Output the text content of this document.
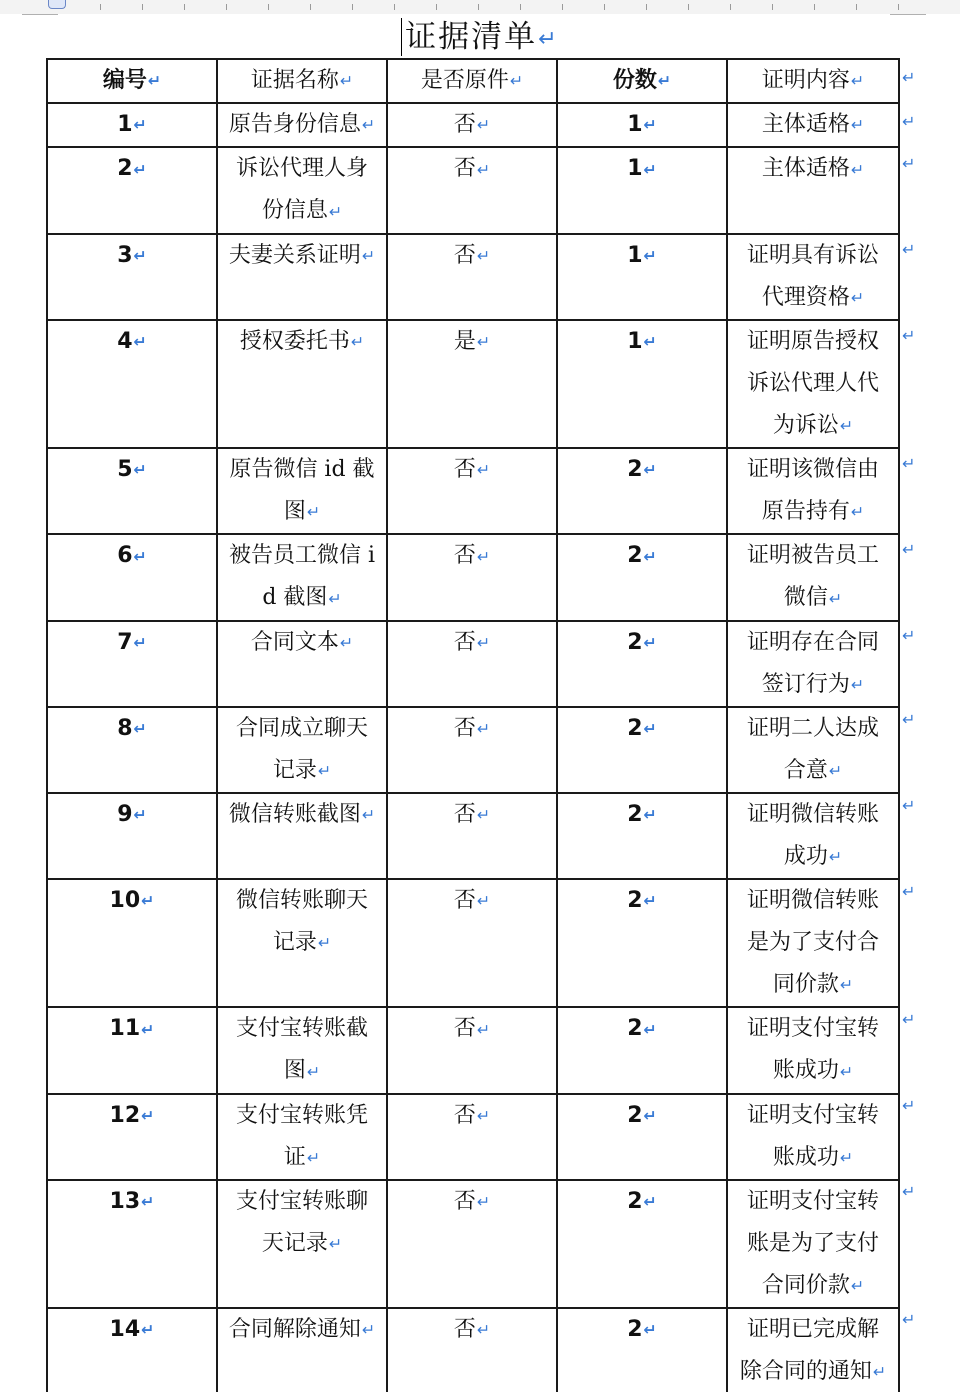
证据清单↵
编号↵	证据名称↵	是否原件↵	份数↵	证明内容↵
1↵	原告身份信息↵	否↵	1↵	主体适格↵
2↵	诉讼代理人身份信息↵	否↵	1↵	主体适格↵
3↵	夫妻关系证明↵	否↵	1↵	证明具有诉讼代理资格↵
4↵	授权委托书↵	是↵	1↵	证明原告授权诉讼代理人代为诉讼↵
5↵	原告微信 id 截图↵	否↵	2↵	证明该微信由原告持有↵
6↵	被告员工微信 id 截图↵	否↵	2↵	证明被告员工微信↵
7↵	合同文本↵	否↵	2↵	证明存在合同签订行为↵
8↵	合同成立聊天记录↵	否↵	2↵	证明二人达成合意↵
9↵	微信转账截图↵	否↵	2↵	证明微信转账成功↵
10↵	微信转账聊天记录↵	否↵	2↵	证明微信转账是为了支付合同价款↵
11↵	支付宝转账截图↵	否↵	2↵	证明支付宝转账成功↵
12↵	支付宝转账凭证↵	否↵	2↵	证明支付宝转账成功↵
13↵	支付宝转账聊天记录↵	否↵	2↵	证明支付宝转账是为了支付合同价款↵
14↵	合同解除通知↵	否↵	2↵	证明已完成解除合同的通知↵
↵
↵
↵
↵
↵
↵
↵
↵
↵
↵
↵
↵
↵
↵
↵
